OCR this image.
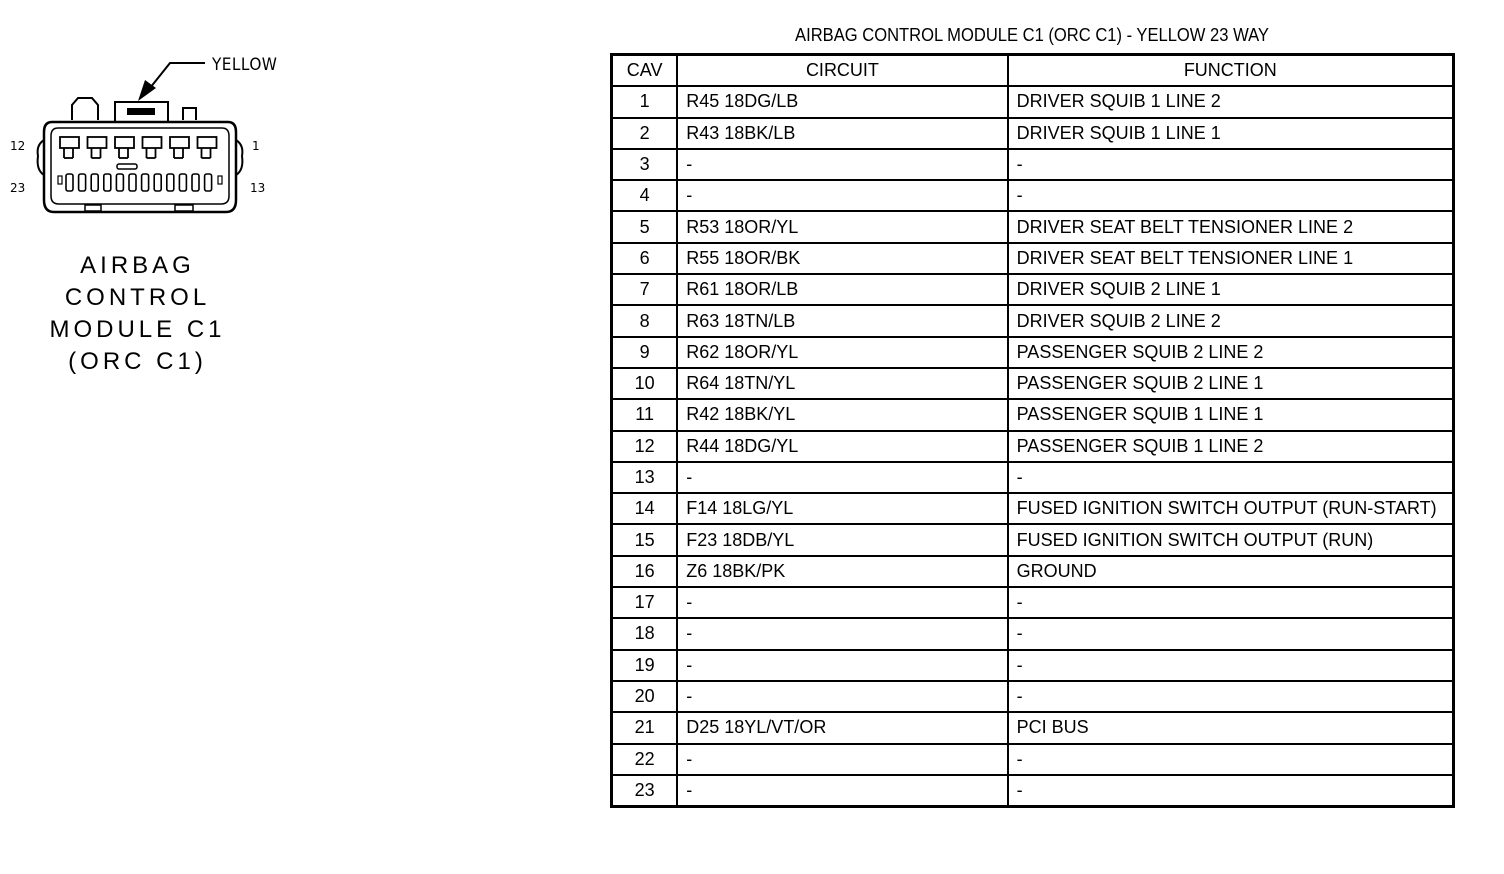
YELLOW
12	1
23	13
AIRBAG
CONTROL
MODULE C1
(ORC C1)
AIRBAG CONTROL MODULE C1 (ORC C1) - YELLOW 23 WAY
CAV	CIRCUIT	FUNCTION
1	R45 18DG/LB	DRIVER SQUIB 1 LINE 2
2	R43 18BK/LB	DRIVER SQUIB 1 LINE 1
3	-	-
4	-	-
5	R53 18OR/YL	DRIVER SEAT BELT TENSIONER LINE 2
6	R55 18OR/BK	DRIVER SEAT BELT TENSIONER LINE 1
7	R61 18OR/LB	DRIVER SQUIB 2 LINE 1
8	R63 18TN/LB	DRIVER SQUIB 2 LINE 2
9	R62 18OR/YL	PASSENGER SQUIB 2 LINE 2
10	R64 18TN/YL	PASSENGER SQUIB 2 LINE 1
11	R42 18BK/YL	PASSENGER SQUIB 1 LINE 1
12	R44 18DG/YL	PASSENGER SQUIB 1 LINE 2
13	-	-
14	F14 18LG/YL	FUSED IGNITION SWITCH OUTPUT (RUN-START)
15	F23 18DB/YL	FUSED IGNITION SWITCH OUTPUT (RUN)
16	Z6 18BK/PK	GROUND
17	-	-
18	-	-
19	-	-
20	-	-
21	D25 18YL/VT/OR	PCI BUS
22	-	-
23	-	-
